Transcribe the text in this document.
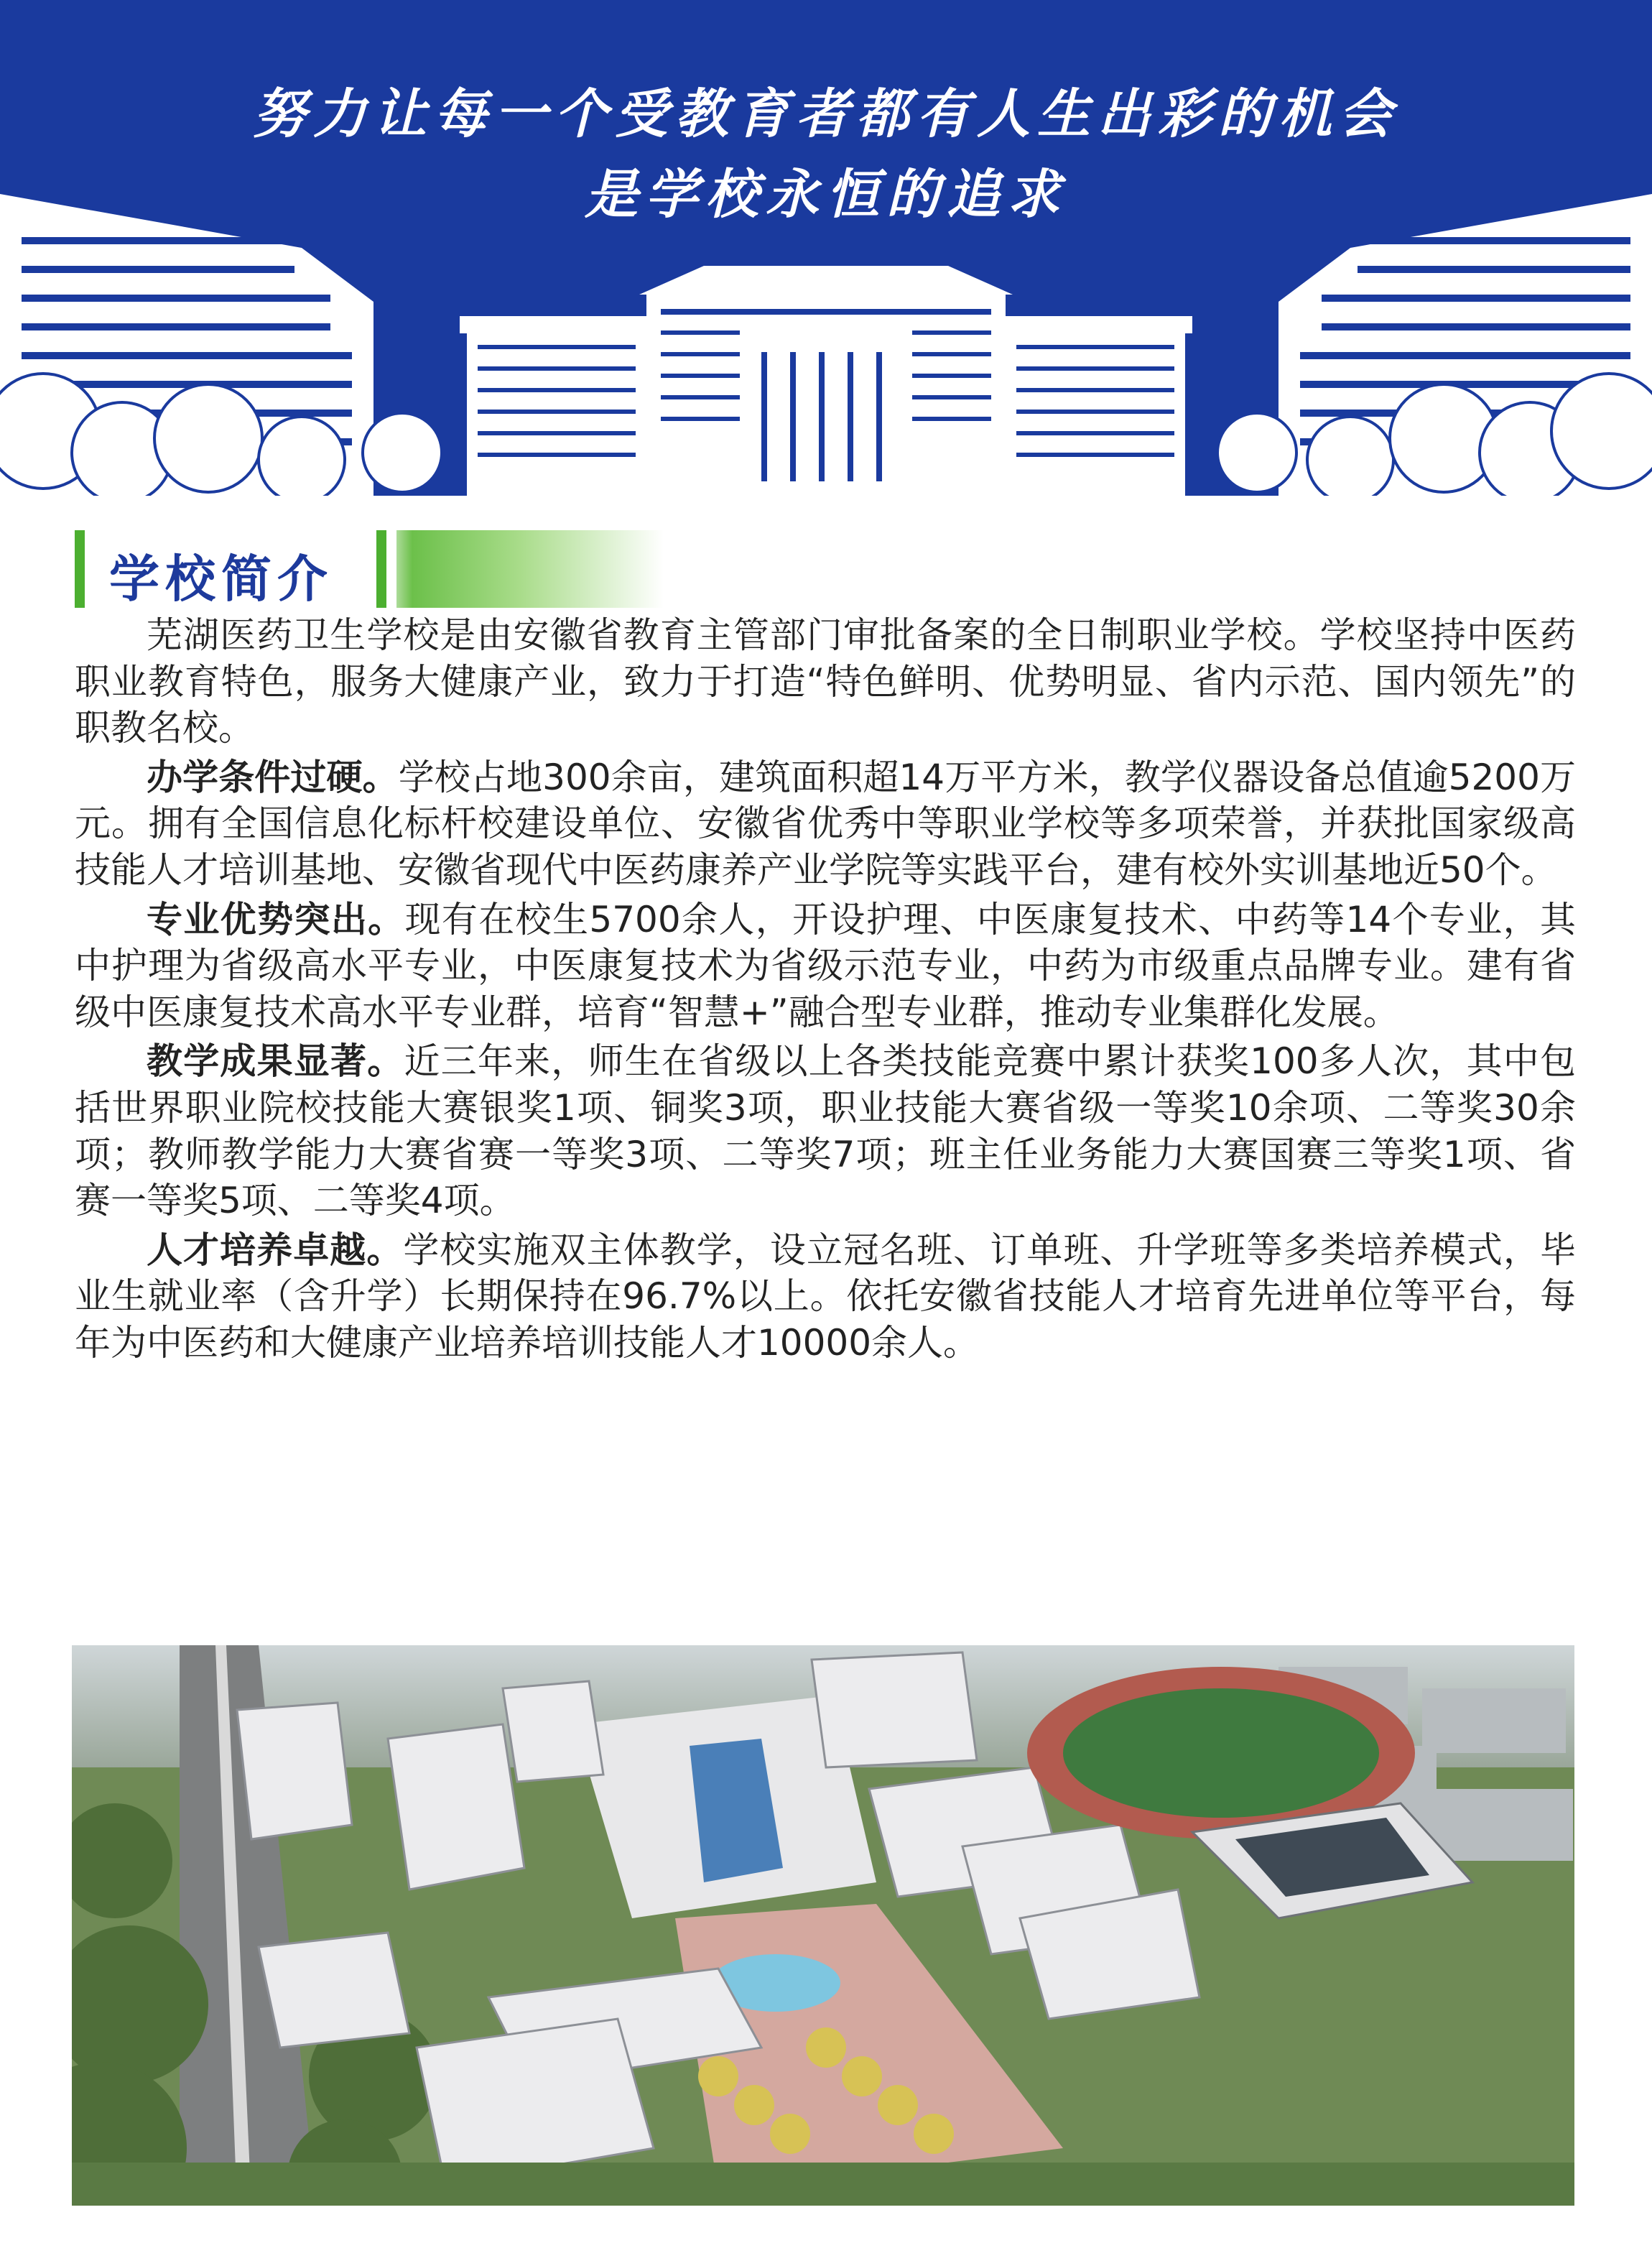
努力让每一个受教育者都有人生出彩的机会
是学校永恒的追求
学校简介

芜湖医药卫生学校是由安徽省教育主管部门审批备案的全日制职业学校。学校坚持中医药职业教育特色，服务大健康产业，致力于打造“特色鲜明、优势明显、省内示范、国内领先”的职教名校。

办学条件过硬。学校占地300余亩，建筑面积超14万平方米，教学仪器设备总值逾5200万元。拥有全国信息化标杆校建设单位、安徽省优秀中等职业学校等多项荣誉，并获批国家级高技能人才培训基地、安徽省现代中医药康养产业学院等实践平台，建有校外实训基地近50个。

专业优势突出。现有在校生5700余人，开设护理、中医康复技术、中药等14个专业，其中护理为省级高水平专业，中医康复技术为省级示范专业，中药为市级重点品牌专业。建有省级中医康复技术高水平专业群，培育“智慧+”融合型专业群，推动专业集群化发展。

教学成果显著。近三年来，师生在省级以上各类技能竞赛中累计获奖100多人次，其中包括世界职业院校技能大赛银奖1项、铜奖3项，职业技能大赛省级一等奖10余项、二等奖30余项；教师教学能力大赛省赛一等奖3项、二等奖7项；班主任业务能力大赛国赛三等奖1项、省赛一等奖5项、二等奖4项。

人才培养卓越。学校实施双主体教学，设立冠名班、订单班、升学班等多类培养模式，毕业生就业率（含升学）长期保持在96.7%以上。依托安徽省技能人才培育先进单位等平台，每年为中医药和大健康产业培养培训技能人才10000余人。
